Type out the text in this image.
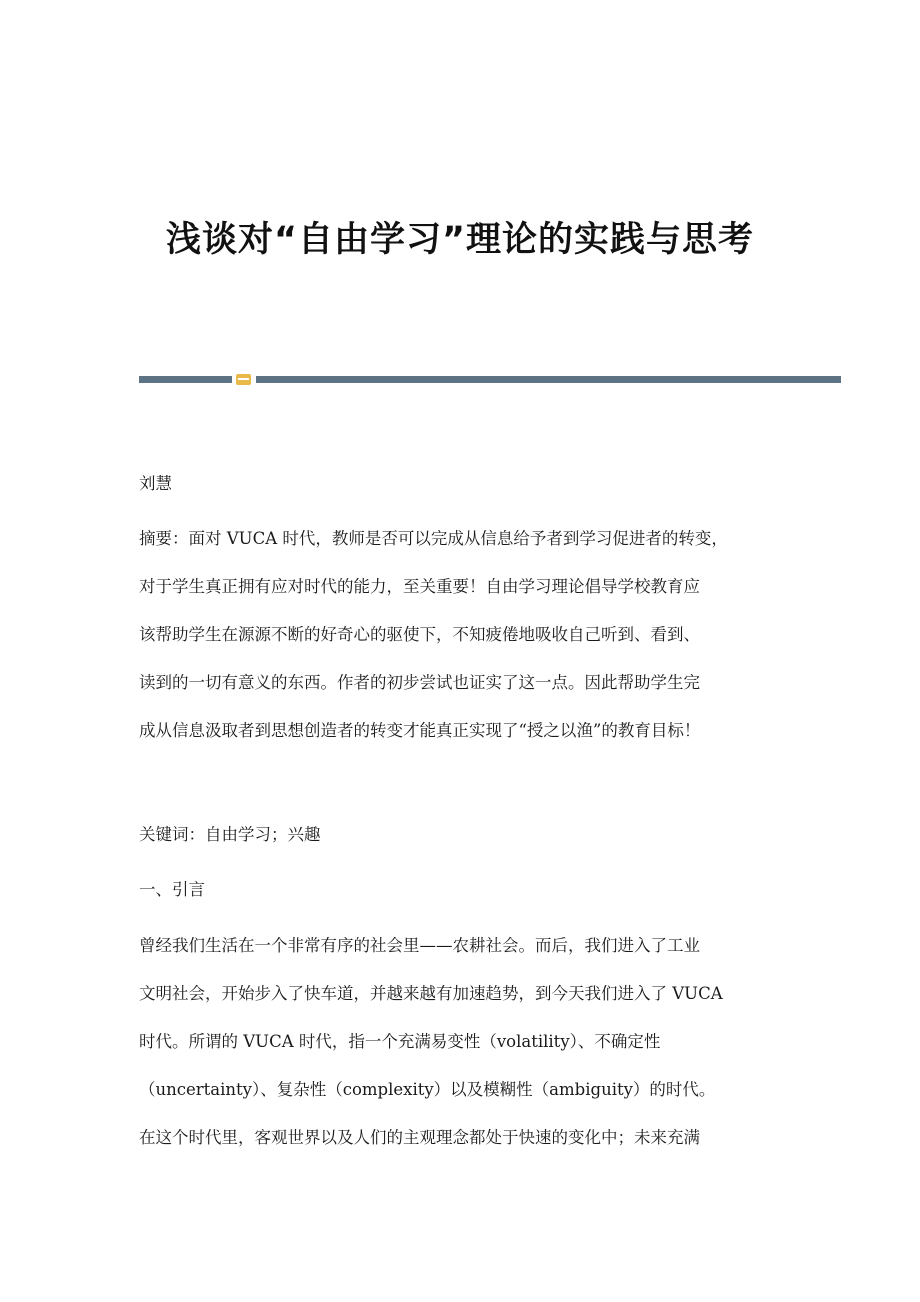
浅谈对“自由学习”理论的实践与思考

刘慧

摘要：面对 VUCA 时代，教师是否可以完成从信息给予者到学习促进者的转变，
对于学生真正拥有应对时代的能力，至关重要！自由学习理论倡导学校教育应
该帮助学生在源源不断的好奇心的驱使下，不知疲倦地吸收自己听到、看到、
读到的一切有意义的东西。作者的初步尝试也证实了这一点。因此帮助学生完
成从信息汲取者到思想创造者的转变才能真正实现了“授之以渔”的教育目标！

关键词：自由学习；兴趣

一、引言
曾经我们生活在一个非常有序的社会里——农耕社会。而后，我们进入了工业
文明社会，开始步入了快车道，并越来越有加速趋势，到今天我们进入了 VUCA
时代。所谓的 VUCA 时代，指一个充满易变性（volatility）、不确定性
（uncertainty）、复杂性（complexity）以及模糊性（ambiguity）的时代。
在这个时代里，客观世界以及人们的主观理念都处于快速的变化中；未来充满
